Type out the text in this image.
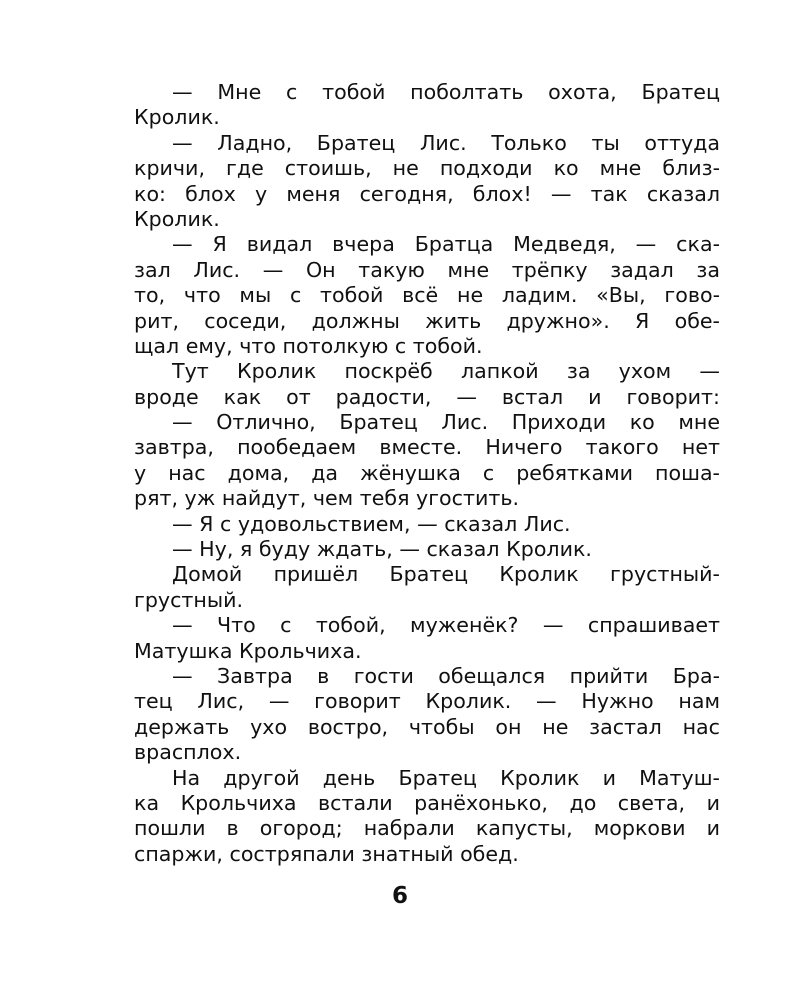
— Мне с тобой поболтать охота, Братец
Кролик.
— Ладно, Братец Лис. Только ты оттуда
кричи, где стоишь, не подходи ко мне близ-
ко: блох у меня сегодня, блох! — так сказал
Кролик.
— Я видал вчера Братца Медведя, — ска-
зал Лис. — Он такую мне трёпку задал за
то, что мы с тобой всё не ладим. «Вы, гово-
рит, соседи, должны жить дружно». Я обе-
щал ему, что потолкую с тобой.
Тут Кролик поскрёб лапкой за ухом —
вроде как от радости, — встал и говорит:
— Отлично, Братец Лис. Приходи ко мне
завтра, пообедаем вместе. Ничего такого нет
у нас дома, да жёнушка с ребятками поша-
рят, уж найдут, чем тебя угостить.
— Я с удовольствием, — сказал Лис.
— Ну, я буду ждать, — сказал Кролик.
Домой пришёл Братец Кролик грустный-
грустный.
— Что с тобой, муженёк? — спрашивает
Матушка Крольчиха.
— Завтра в гости обещался прийти Бра-
тец Лис, — говорит Кролик. — Нужно нам
держать ухо востро, чтобы он не застал нас
врасплох.
На другой день Братец Кролик и Матуш-
ка Крольчиха встали ранёхонько, до света, и
пошли в огород; набрали капусты, моркови и
спаржи, состряпали знатный обед.
6
